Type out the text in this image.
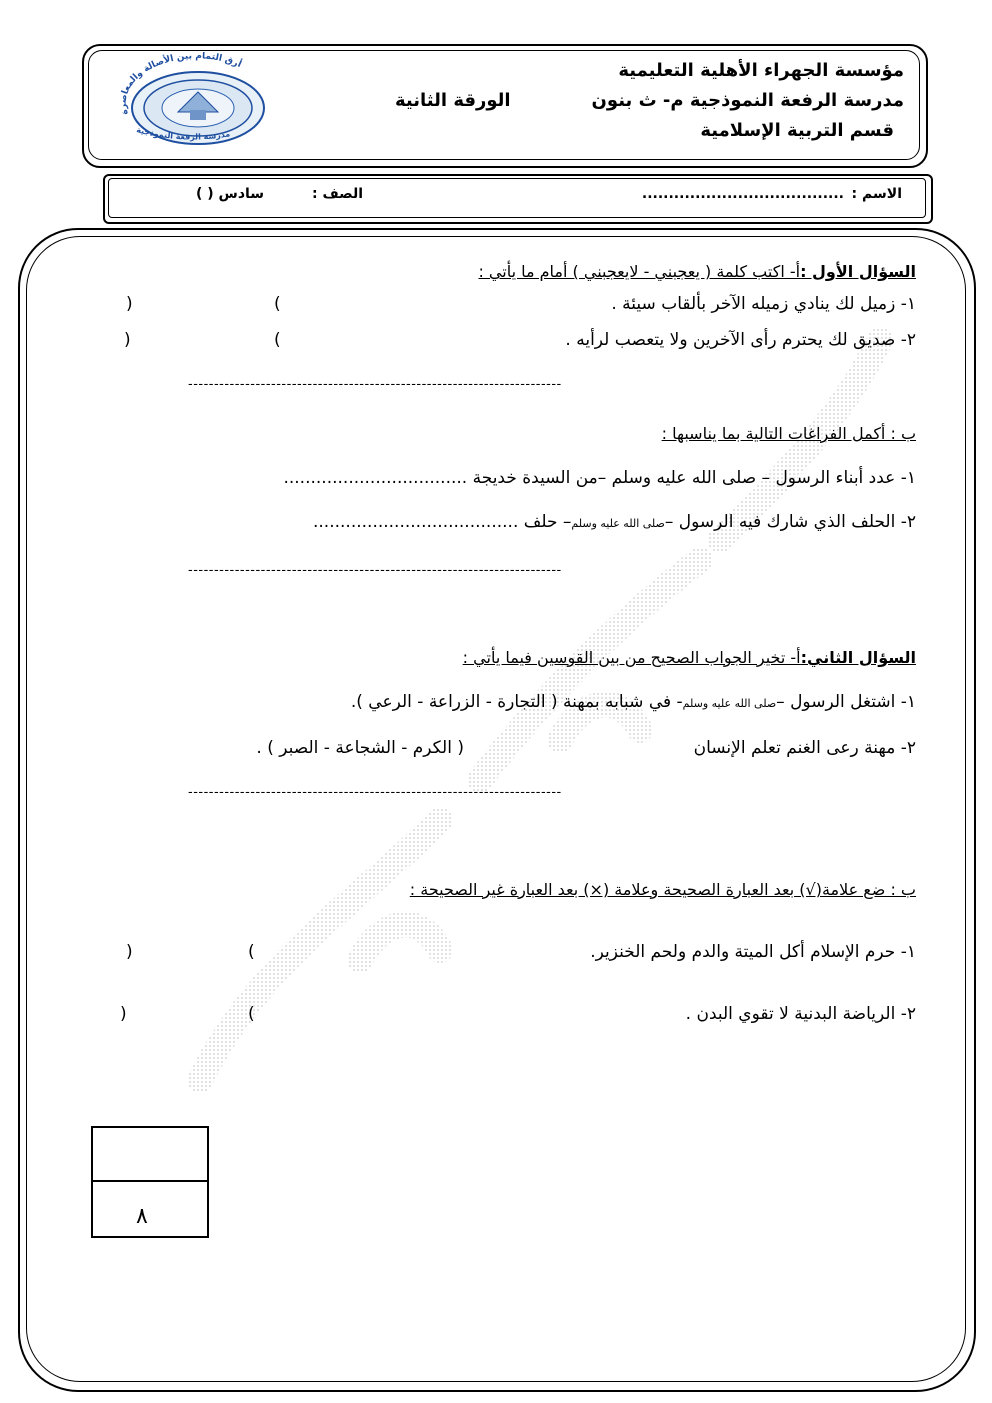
مؤسسة الجهراء الأهلية التعليمية
مدرسة الرفعة النموذجية م- ث بنون
قسم التربية الإسلامية
الورقة الثانية
أرق التمام بين الأصالة والمعاصرة
مدرسة الرفعة النموذجية
الاسم :
......................................
الصف :
سادس ( )
السؤال الأول :أ- اكتب كلمة ( يعجبني - لايعجبني ) أمام ما يأتي :
١- زميل لك ينادي زميله الآخر بألقاب سيئة .
(
)
٢- صديق لك يحترم رأى الآخرين ولا يتعصب لرأيه .
(
)
------------------------------------------------------------------------
ب : أكمل الفراغات التالية بما يناسبها :
١- عدد أبناء الرسول – صلى الله عليه وسلم –من السيدة خديجة ..................................
٢- الحلف الذي شارك فيه الرسول –صلى الله عليه وسلم– حلف ......................................
------------------------------------------------------------------------
السؤال الثاني:أ- تخير الجواب الصحيح من بين القوسين فيما يأتي :
١- اشتغل الرسول –صلى الله عليه وسلم- في شبابه بمهنة ( التجارة - الزراعة - الرعي ).
٢- مهنة رعى الغنم تعلم الإنسان
( الكرم - الشجاعة - الصبر ) .
------------------------------------------------------------------------
ب : ضع علامة(√) بعد العبارة الصحيحة وعلامة (×) بعد العبارة غير الصحيحة :
١- حرم الإسلام أكل الميتة والدم ولحم الخنزير.
(
)
٢- الرياضة البدنية لا تقوي البدن .
(
)
٨
